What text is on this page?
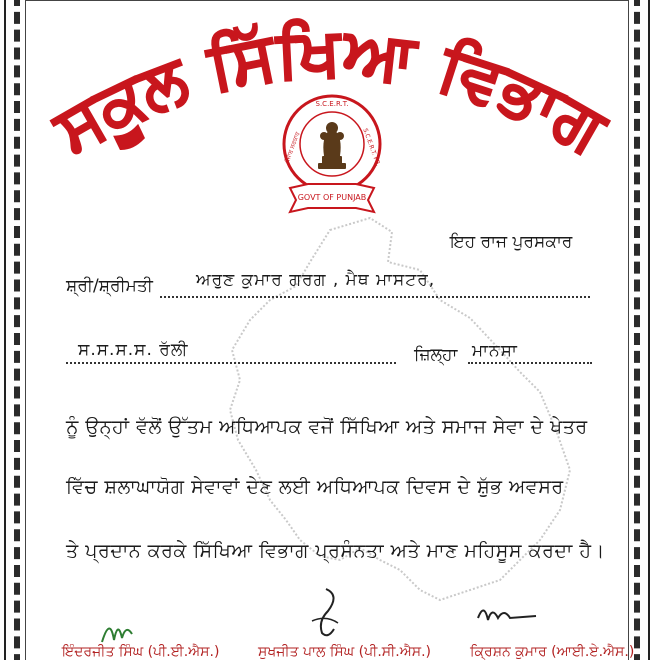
ਸਕੂਲ ਸਿੱਖਿਆ ਵਿਭਾਗ
S.C.E.R.T.
ਪੰਜਾਬ ਸਰਕਾਰ	S.C.E.R.T. PB.
GOVT OF PUNJAB
ਇਹ ਰਾਜ ਪੁਰਸਕਾਰ
ਸ਼੍ਰੀ/ਸ਼੍ਰੀਮਤੀ	ਅਰੁਣ ਕੁਮਾਰ ਗਰਗ , ਮੈਥ ਮਾਸਟਰ,
ਸ.ਸ.ਸ.ਸ. ਰੱਲੀ	ਜ਼ਿਲ੍ਹਾ ਮਾਨਸਾ
ਨੂੰ ਉਨ੍ਹਾਂ ਵੱਲੋਂ ਉੱਤਮ ਅਧਿਆਪਕ ਵਜੋਂ ਸਿੱਖਿਆ ਅਤੇ ਸਮਾਜ ਸੇਵਾ ਦੇ ਖੇਤਰ
ਵਿੱਚ ਸ਼ਲਾਘਾਯੋਗ ਸੇਵਾਵਾਂ ਦੇਣ ਲਈ ਅਧਿਆਪਕ ਦਿਵਸ ਦੇ ਸ਼ੁੱਭ ਅਵਸਰ
ਤੇ ਪ੍ਰਦਾਨ ਕਰਕੇ ਸਿੱਖਿਆ ਵਿਭਾਗ ਪ੍ਰਸੰਨਤਾ ਅਤੇ ਮਾਣ ਮਹਿਸੂਸ ਕਰਦਾ ਹੈ।
ਇੰਦਰਜੀਤ ਸਿੰਘ (ਪੀ.ਈ.ਐਸ.)	ਸੁਖਜੀਤ ਪਾਲ ਸਿੰਘ (ਪੀ.ਸੀ.ਐਸ.)	ਕ੍ਰਿਸ਼ਨ ਕੁਮਾਰ (ਆਈ.ਏ.ਐਸ.)
